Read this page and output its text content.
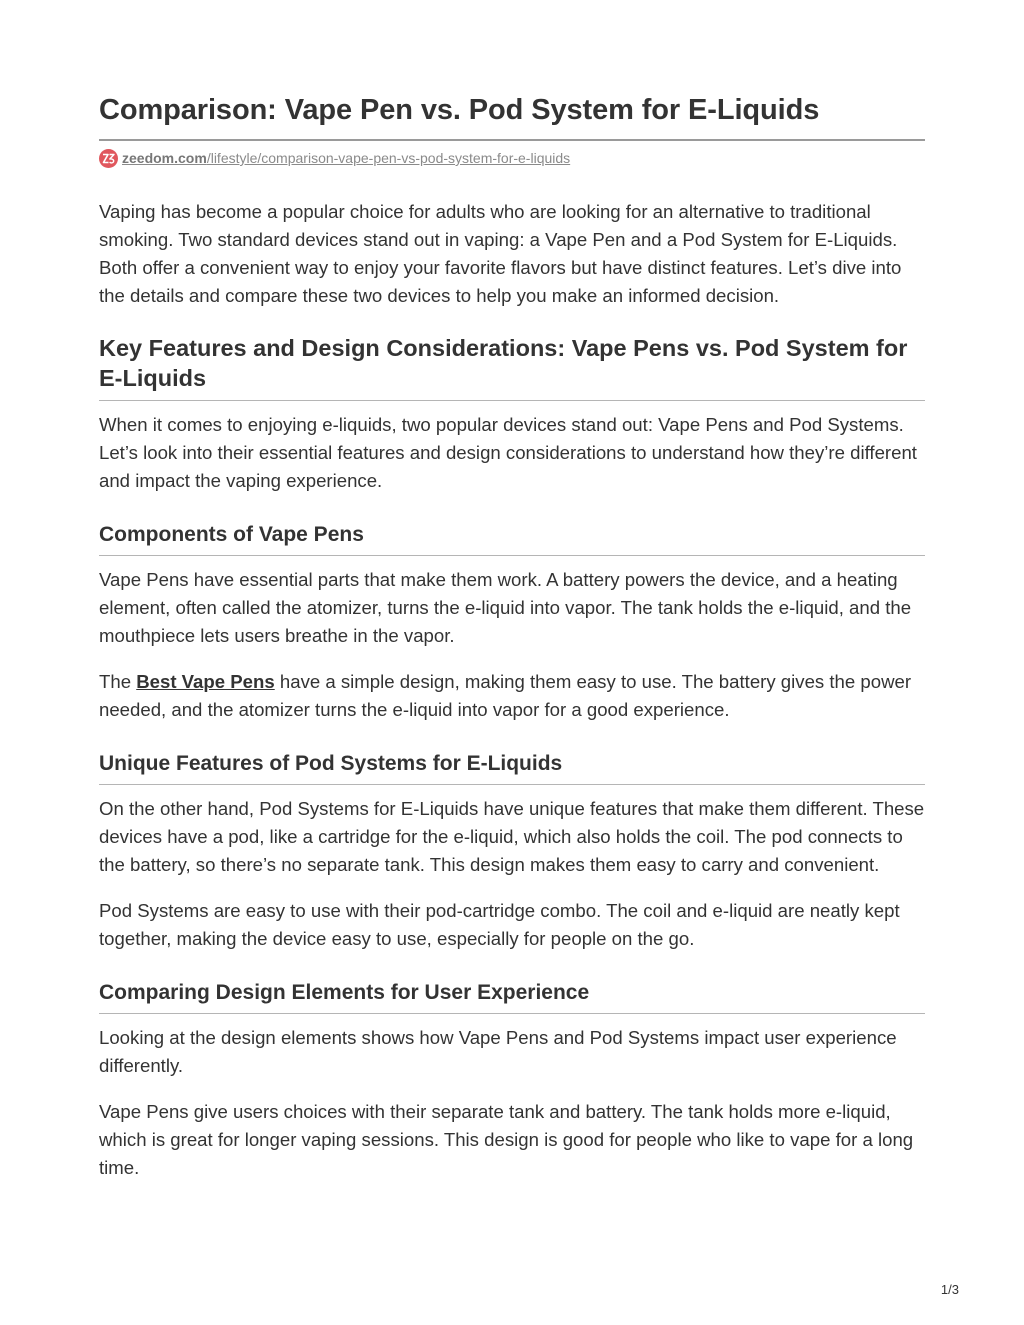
Comparison: Vape Pen vs. Pod System for E-Liquids
zeedom.com/lifestyle/comparison-vape-pen-vs-pod-system-for-e-liquids

Vaping has become a popular choice for adults who are looking for an alternative to traditional smoking. Two standard devices stand out in vaping: a Vape Pen and a Pod System for E-Liquids. Both offer a convenient way to enjoy your favorite flavors but have distinct features. Let’s dive into the details and compare these two devices to help you make an informed decision.

Key Features and Design Considerations: Vape Pens vs. Pod System for E-Liquids

When it comes to enjoying e-liquids, two popular devices stand out: Vape Pens and Pod Systems. Let’s look into their essential features and design considerations to understand how they’re different and impact the vaping experience.

Components of Vape Pens

Vape Pens have essential parts that make them work. A battery powers the device, and a heating element, often called the atomizer, turns the e-liquid into vapor. The tank holds the e-liquid, and the mouthpiece lets users breathe in the vapor.

The Best Vape Pens have a simple design, making them easy to use. The battery gives the power needed, and the atomizer turns the e-liquid into vapor for a good experience.

Unique Features of Pod Systems for E-Liquids

On the other hand, Pod Systems for E-Liquids have unique features that make them different. These devices have a pod, like a cartridge for the e-liquid, which also holds the coil. The pod connects to the battery, so there’s no separate tank. This design makes them easy to carry and convenient.

Pod Systems are easy to use with their pod-cartridge combo. The coil and e-liquid are neatly kept together, making the device easy to use, especially for people on the go.

Comparing Design Elements for User Experience

Looking at the design elements shows how Vape Pens and Pod Systems impact user experience differently.

Vape Pens give users choices with their separate tank and battery. The tank holds more e-liquid, which is great for longer vaping sessions. This design is good for people who like to vape for a long time.

1/3
